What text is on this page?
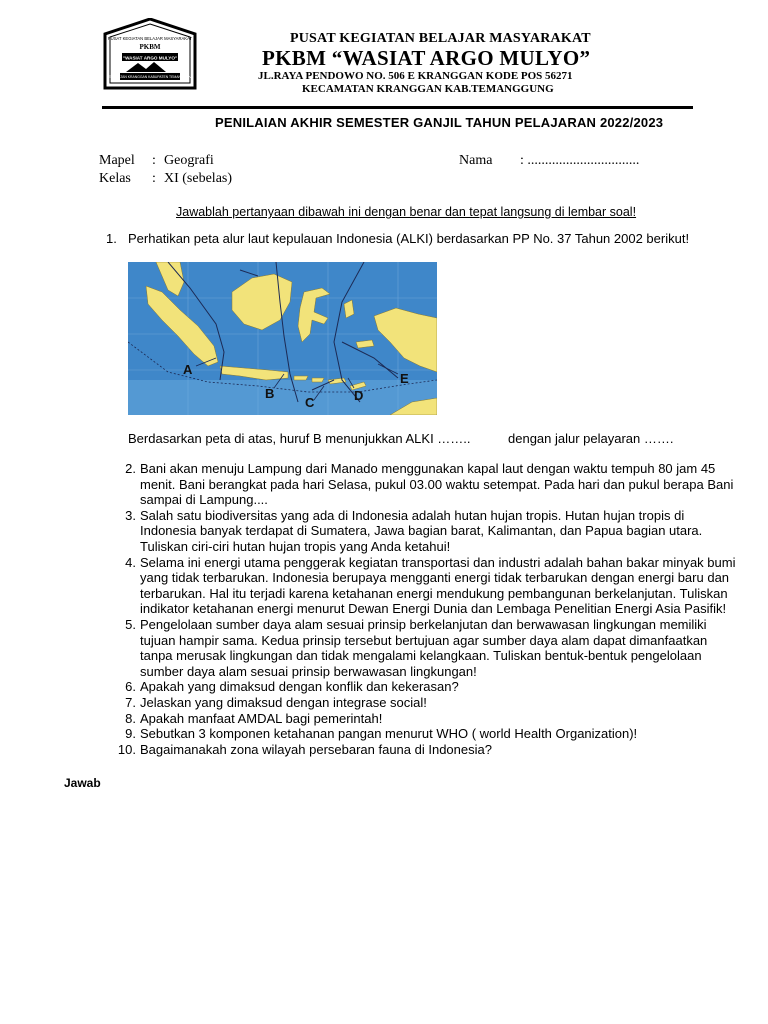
PUSAT KEGIATAN BELAJAR MASYARAKAT
PKBM
"WASIAT ARGO MULYO"
KECAMATAN KRANGGAN KABUPATEN TEMANGGUNG
PUSAT KEGIATAN BELAJAR MASYARAKAT
PKBM “WASIAT ARGO MULYO”
JL.RAYA PENDOWO NO. 506 E KRANGGAN KODE POS 56271
KECAMATAN KRANGGAN KAB.TEMANGGUNG
PENILAIAN AKHIR SEMESTER GANJIL TAHUN PELAJARAN 2022/2023
Mapel : Geografi
Kelas : XI (sebelas)
Nama : ................................
Jawablah pertanyaan dibawah ini dengan benar dan tepat langsung di lembar soal!
1. Perhatikan peta alur laut kepulauan Indonesia (ALKI) berdasarkan PP No. 37 Tahun 2002 berikut!
A
B
C	D
E
Berdasarkan peta di atas, huruf B menunjukkan ALKI ……..	dengan jalur pelayaran …….
2. Bani akan menuju Lampung dari Manado menggunakan kapal laut dengan waktu tempuh 80 jam 45 menit. Bani berangkat pada hari Selasa, pukul 03.00 waktu setempat. Pada hari dan pukul berapa Bani sampai di Lampung....
3. Salah satu biodiversitas yang ada di Indonesia adalah hutan hujan tropis. Hutan hujan tropis di Indonesia banyak terdapat di Sumatera, Jawa bagian barat, Kalimantan, dan Papua bagian utara. Tuliskan ciri-ciri hutan hujan tropis yang Anda ketahui!
4. Selama ini energi utama penggerak kegiatan transportasi dan industri adalah bahan bakar minyak bumi yang tidak terbarukan. Indonesia berupaya mengganti energi tidak terbarukan dengan energi baru dan terbarukan. Hal itu terjadi karena ketahanan energi mendukung pembangunan berkelanjutan. Tuliskan indikator ketahanan energi menurut Dewan Energi Dunia dan Lembaga Penelitian Energi Asia Pasifik!
5. Pengelolaan sumber daya alam sesuai prinsip berkelanjutan dan berwawasan lingkungan memiliki tujuan hampir sama. Kedua prinsip tersebut bertujuan agar sumber daya alam dapat dimanfaatkan tanpa merusak lingkungan dan tidak mengalami kelangkaan. Tuliskan bentuk-bentuk pengelolaan sumber daya alam sesuai prinsip berwawasan lingkungan!
6. Apakah yang dimaksud dengan konflik dan kekerasan?
7. Jelaskan yang dimaksud dengan integrase social!
8. Apakah manfaat AMDAL bagi pemerintah!
9. Sebutkan 3 komponen ketahanan pangan menurut WHO ( world Health Organization)!
10. Bagaimanakah zona wilayah persebaran fauna di Indonesia?
Jawab
